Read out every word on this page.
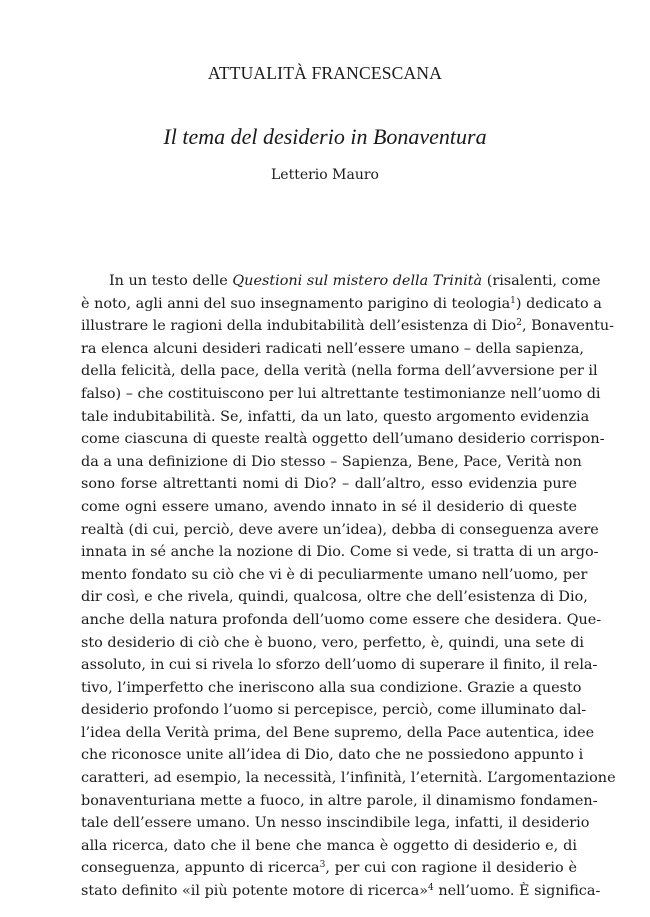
ATTUALITÀ FRANCESCANA
Il tema del desiderio in Bonaventura
Letterio Mauro
In un testo delle Questioni sul mistero della Trinità (risalenti, come
è noto, agli anni del suo insegnamento parigino di teologia$^1$) dedicato a
illustrare le ragioni della indubitabilità dell’esistenza di Dio$^2$, Bonaventu-
ra elenca alcuni desideri radicati nell’essere umano – della sapienza,
della felicità, della pace, della verità (nella forma dell’avversione per il
falso) – che costituiscono per lui altrettante testimonianze nell’uomo di
tale indubitabilità. Se, infatti, da un lato, questo argomento evidenzia
come ciascuna di queste realtà oggetto dell’umano desiderio corrispon-
da a una definizione di Dio stesso – Sapienza, Bene, Pace, Verità non
sono forse altrettanti nomi di Dio? – dall’altro, esso evidenzia pure
come ogni essere umano, avendo innato in sé il desiderio di queste
realtà (di cui, perciò, deve avere un’idea), debba di conseguenza avere
innata in sé anche la nozione di Dio. Come si vede, si tratta di un argo-
mento fondato su ciò che vi è di peculiarmente umano nell’uomo, per
dir così, e che rivela, quindi, qualcosa, oltre che dell’esistenza di Dio,
anche della natura profonda dell’uomo come essere che desidera. Que-
sto desiderio di ciò che è buono, vero, perfetto, è, quindi, una sete di
assoluto, in cui si rivela lo sforzo dell’uomo di superare il finito, il rela-
tivo, l’imperfetto che ineriscono alla sua condizione. Grazie a questo
desiderio profondo l’uomo si percepisce, perciò, come illuminato dal-
l’idea della Verità prima, del Bene supremo, della Pace autentica, idee
che riconosce unite all’idea di Dio, dato che ne possiedono appunto i
caratteri, ad esempio, la necessità, l’infinità, l’eternità. L’argomentazione
bonaventuriana mette a fuoco, in altre parole, il dinamismo fondamen-
tale dell’essere umano. Un nesso inscindibile lega, infatti, il desiderio
alla ricerca, dato che il bene che manca è oggetto di desiderio e, di
conseguenza, appunto di ricerca$^3$, per cui con ragione il desiderio è
stato definito «il più potente motore di ricerca»$^4$ nell’uomo. È significa-
